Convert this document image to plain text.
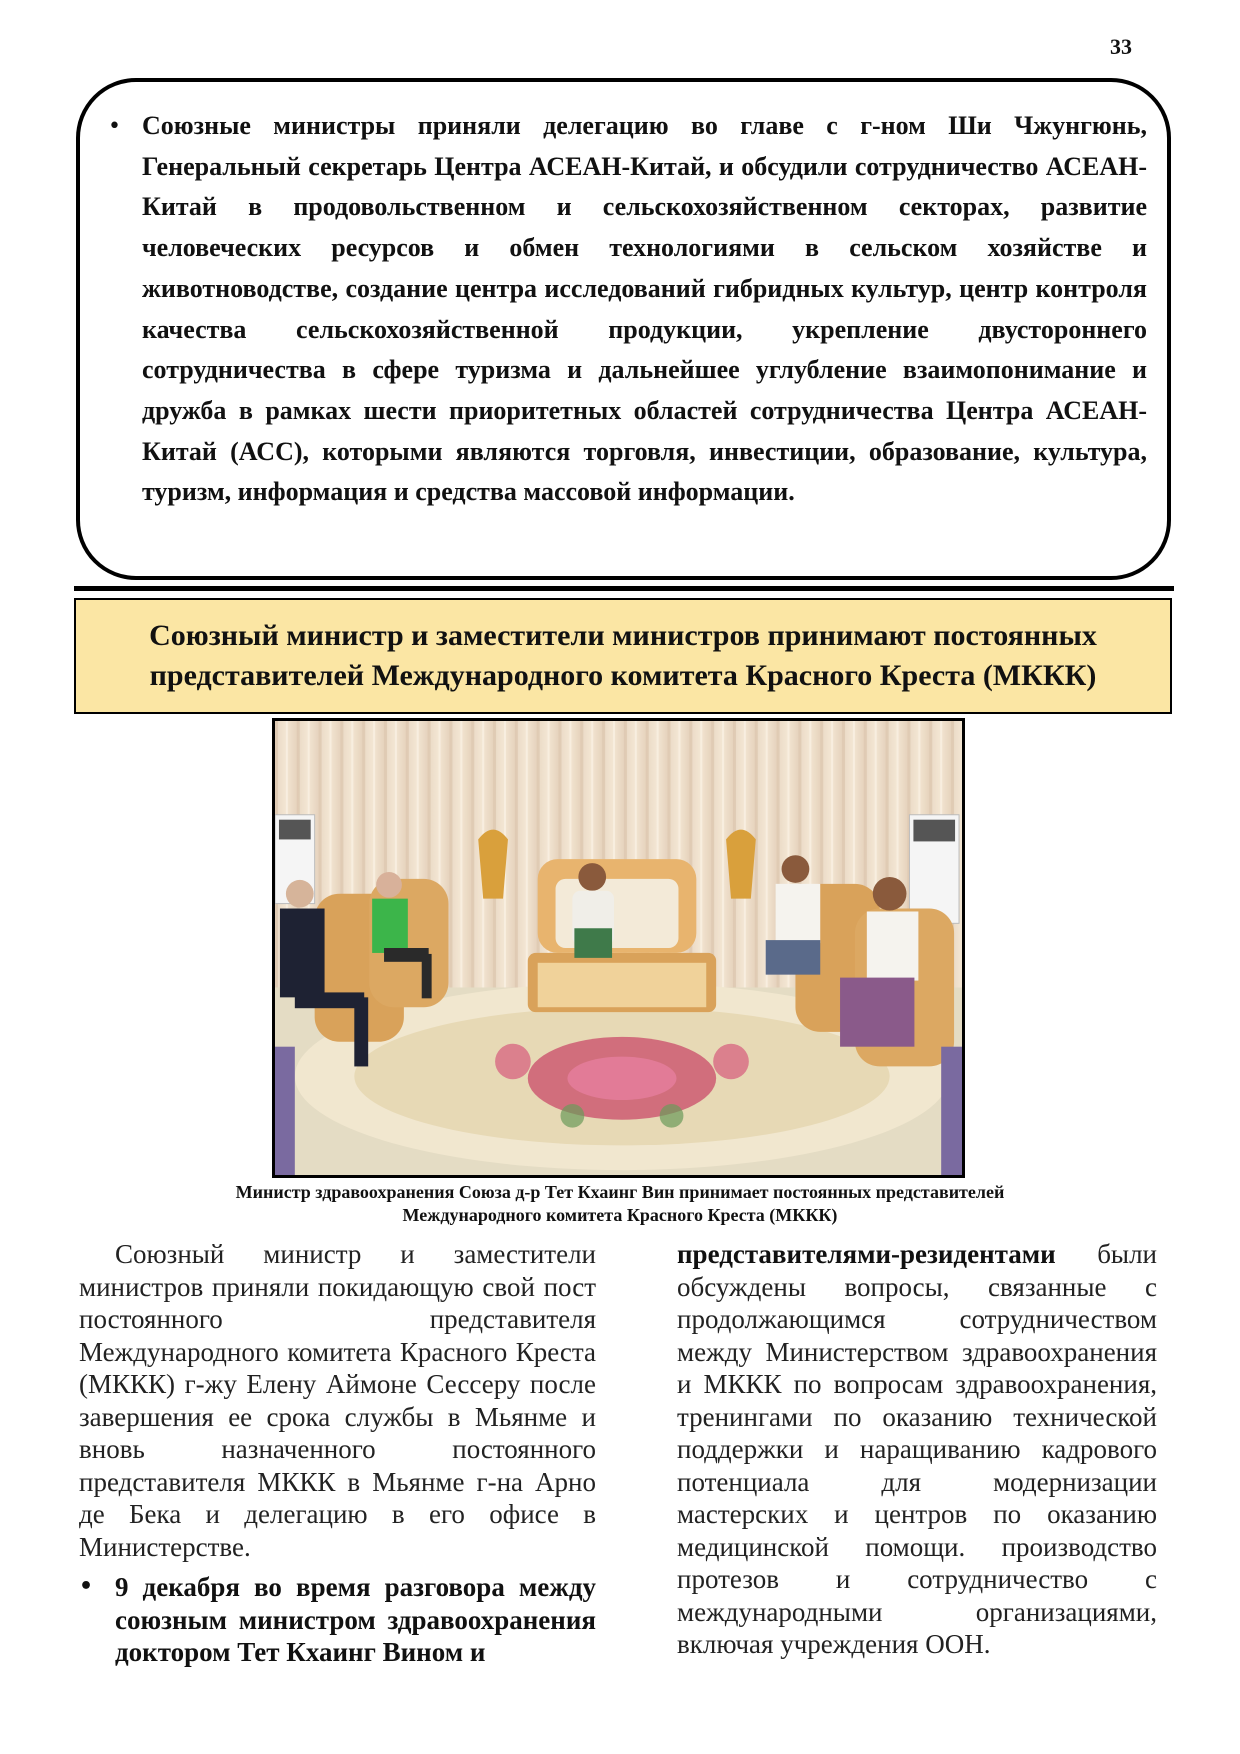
33
• Союзные министры приняли делегацию во главе с г-ном Ши Чжунгюнь, Генеральный секретарь Центра АСЕАН-Китай, и обсудили сотрудничество АСЕАН-Китай в продовольственном и сельскохозяйственном секторах, развитие человеческих ресурсов и обмен технологиями в сельском хозяйстве и животноводстве, создание центра исследований гибридных культур, центр контроля качества сельскохозяйственной продукции, укрепление двустороннего сотрудничества в сфере туризма и дальнейшее углубление взаимопонимание и дружба в рамках шести приоритетных областей сотрудничества Центра АСЕАН-Китай (АСС), которыми являются торговля, инвестиции, образование, культура, туризм, информация и средства массовой информации.
Союзный министр и заместители министров принимают постоянных представителей Международного комитета Красного Креста (МККК)
Министр здравоохранения Союза д-р Тет Кхаинг Вин принимает постоянных представителей
Международного комитета Красного Креста (МККК)

Союзный министр и заместители министров приняли покидающую свой пост постоянного представителя Международного комитета Красного Креста (МККК) г-жу Елену Аймоне Сессеру после завершения ее срока службы в Мьянме и вновь назначенного постоянного представителя МККК в Мьянме г-на Арно де Бека и делегацию в его офисе в Министерстве.

• 9 декабря во время разговора между союзным министром здравоохранения доктором Тет Кхаинг Вином и

представителями-резидентами были обсуждены вопросы, связанные с продолжающимся сотрудничеством между Министерством здравоохранения и МККК по вопросам здравоохранения, тренингами по оказанию технической поддержки и наращиванию кадрового потенциала для модернизации мастерских и центров по оказанию медицинской помощи. производство протезов и сотрудничество с международными организациями, включая учреждения ООН.
